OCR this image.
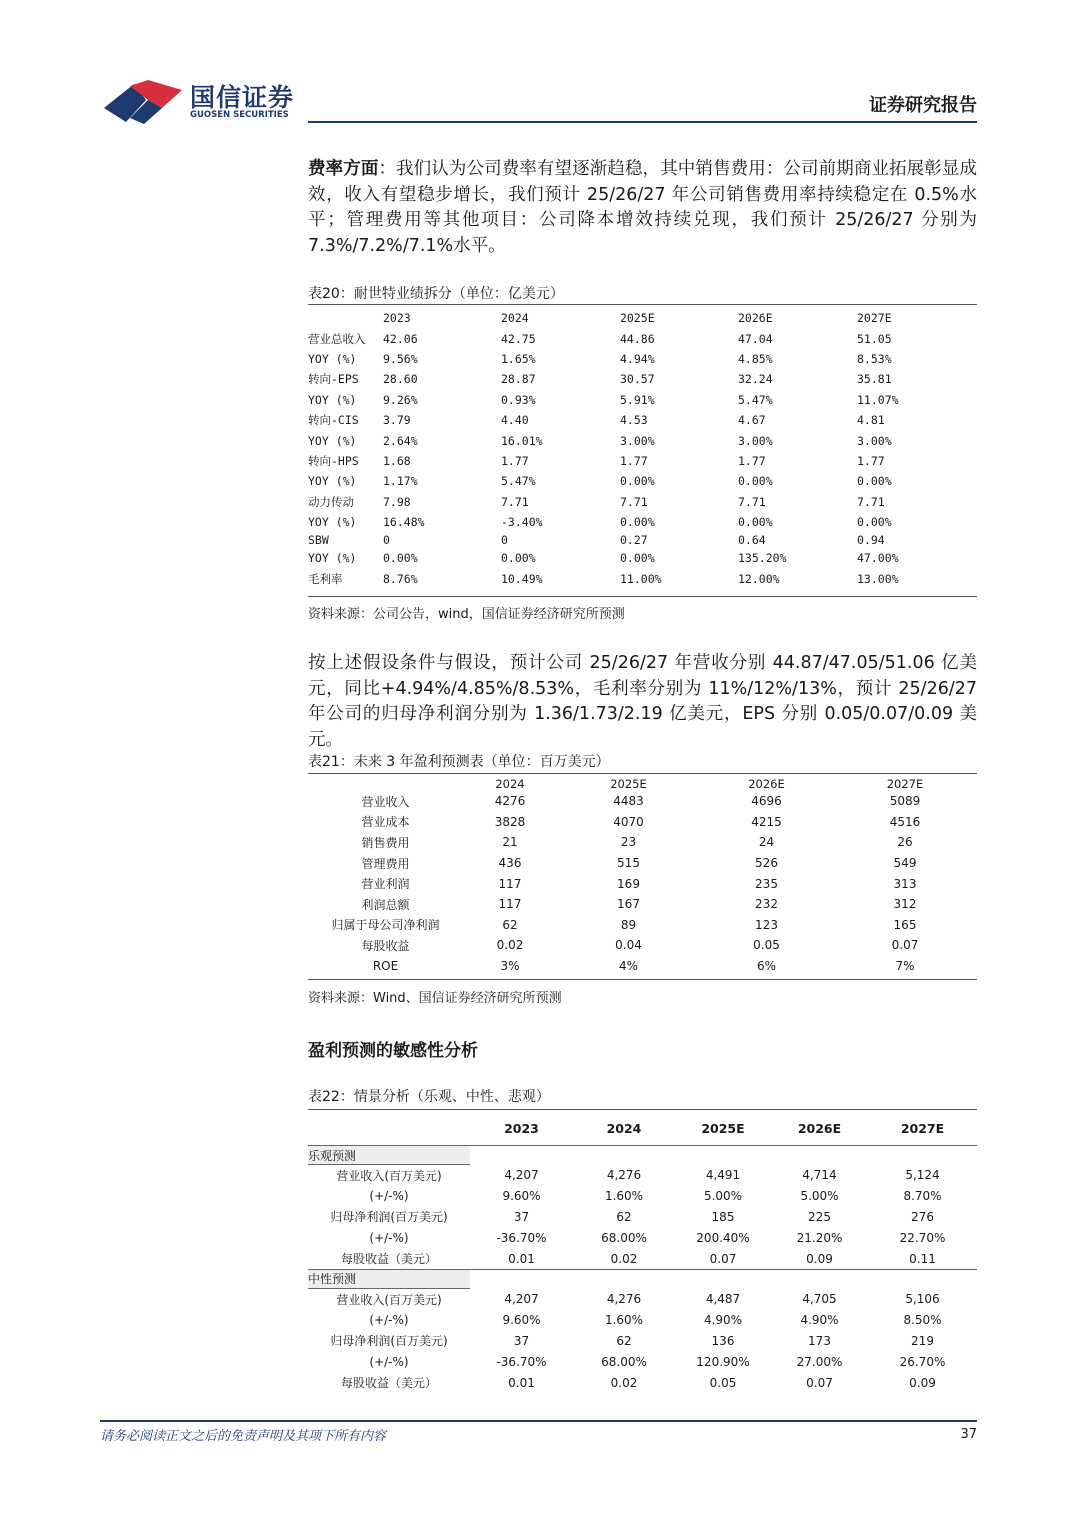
国信证券
GUOSEN SECURITIES	证券研究报告
费率方面：我们认为公司费率有望逐渐趋稳，其中销售费用：公司前期商业拓展彰显成效，收入有望稳步增长，我们预计 25/26/27 年公司销售费用率持续稳定在 0.5%水平；管理费用等其他项目：公司降本增效持续兑现，我们预计 25/26/27 分别为 7.3%/7.2%/7.1%水平。
表20：耐世特业绩拆分（单位：亿美元）
	2023	2024	2025E	2026E	2027E
营业总收入	42.06	42.75	44.86	47.04	51.05
YOY (%)	9.56%	1.65%	4.94%	4.85%	8.53%
转向-EPS	28.60	28.87	30.57	32.24	35.81
YOY (%)	9.26%	0.93%	5.91%	5.47%	11.07%
转向-CIS	3.79	4.40	4.53	4.67	4.81
YOY (%)	2.64%	16.01%	3.00%	3.00%	3.00%
转向-HPS	1.68	1.77	1.77	1.77	1.77
YOY (%)	1.17%	5.47%	0.00%	0.00%	0.00%
动力传动	7.98	7.71	7.71	7.71	7.71
YOY (%)	16.48%	-3.40%	0.00%	0.00%	0.00%
SBW	0	0	0.27	0.64	0.94
YOY (%)	0.00%	0.00%	0.00%	135.20%	47.00%
毛利率	8.76%	10.49%	11.00%	12.00%	13.00%
资料来源：公司公告，wind，国信证券经济研究所预测
按上述假设条件与假设，预计公司 25/26/27 年营收分别 44.87/47.05/51.06 亿美元，同比+4.94%/4.85%/8.53%，毛利率分别为 11%/12%/13%，预计 25/26/27 年公司的归母净利润分别为 1.36/1.73/2.19 亿美元，EPS 分别 0.05/0.07/0.09 美元。
表21：未来 3 年盈利预测表（单位：百万美元）
	2024	2025E	2026E	2027E
营业收入	4276	4483	4696	5089
营业成本	3828	4070	4215	4516
销售费用	21	23	24	26
管理费用	436	515	526	549
营业利润	117	169	235	313
利润总额	117	167	232	312
归属于母公司净利润	62	89	123	165
每股收益	0.02	0.04	0.05	0.07
ROE	3%	4%	6%	7%
资料来源：Wind、国信证券经济研究所预测
盈利预测的敏感性分析
表22：情景分析（乐观、中性、悲观）
	2023	2024	2025E	2026E	2027E
乐观预测					
营业收入(百万美元)	4,207	4,276	4,491	4,714	5,124
(+/-%)	9.60%	1.60%	5.00%	5.00%	8.70%
归母净利润(百万美元)	37	62	185	225	276
(+/-%)	-36.70%	68.00%	200.40%	21.20%	22.70%
每股收益（美元）	0.01	0.02	0.07	0.09	0.11
中性预测					
营业收入(百万美元)	4,207	4,276	4,487	4,705	5,106
(+/-%)	9.60%	1.60%	4.90%	4.90%	8.50%
归母净利润(百万美元)	37	62	136	173	219
(+/-%)	-36.70%	68.00%	120.90%	27.00%	26.70%
每股收益（美元）	0.01	0.02	0.05	0.07	0.09
请务必阅读正文之后的免责声明及其项下所有内容	37
